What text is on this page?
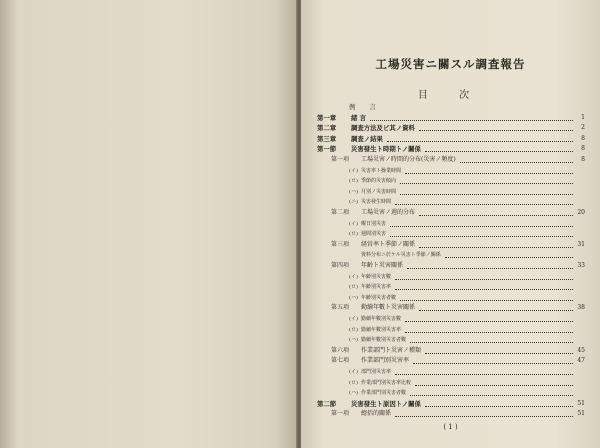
工場災害ニ關スル調査報告
目 次
例 言
第一章 緒 言	1
第二章 調査方法及ビ其ノ資料	2
第三章 調査ノ結果	8
第一節 災害發生ト時期トノ關係	8
第一項 工場災害ノ時間的分布(災害ノ頻度)	8
(イ) 災害率ト操業時間
(ロ) 季節的災害傾向
(ハ) 月別ノ災害時間
(ニ) 災害發生時間
第二項 工場災害ノ週的分布	20
(イ) 曜日別災害
(ロ) 週間別災害
第三項 経営率ト季節ノ關係	31
資料分布ニ於ケル災害ト季節ノ關係
第四項 年齢ト災害關係	33
(イ) 年齢別災害數
(ロ) 年齢別災害率
(ハ) 年齢別災害者數
第五項 勤續年數ト災害關係	38
(イ) 勤續年數別災害數
(ロ) 勤續年數別災害率
(ハ) 勤續年數別災害者數
第六項 作業部門ト災害ノ種類	45
第七項 作業部門別災害率	47
(イ) 部門別災害率
(ロ) 作業部門別災害率比較
(ハ) 作業部門別災害者數
第二節 災害發生ト原因トノ關係	51
第一項 總括的關係	51
( 1 )
